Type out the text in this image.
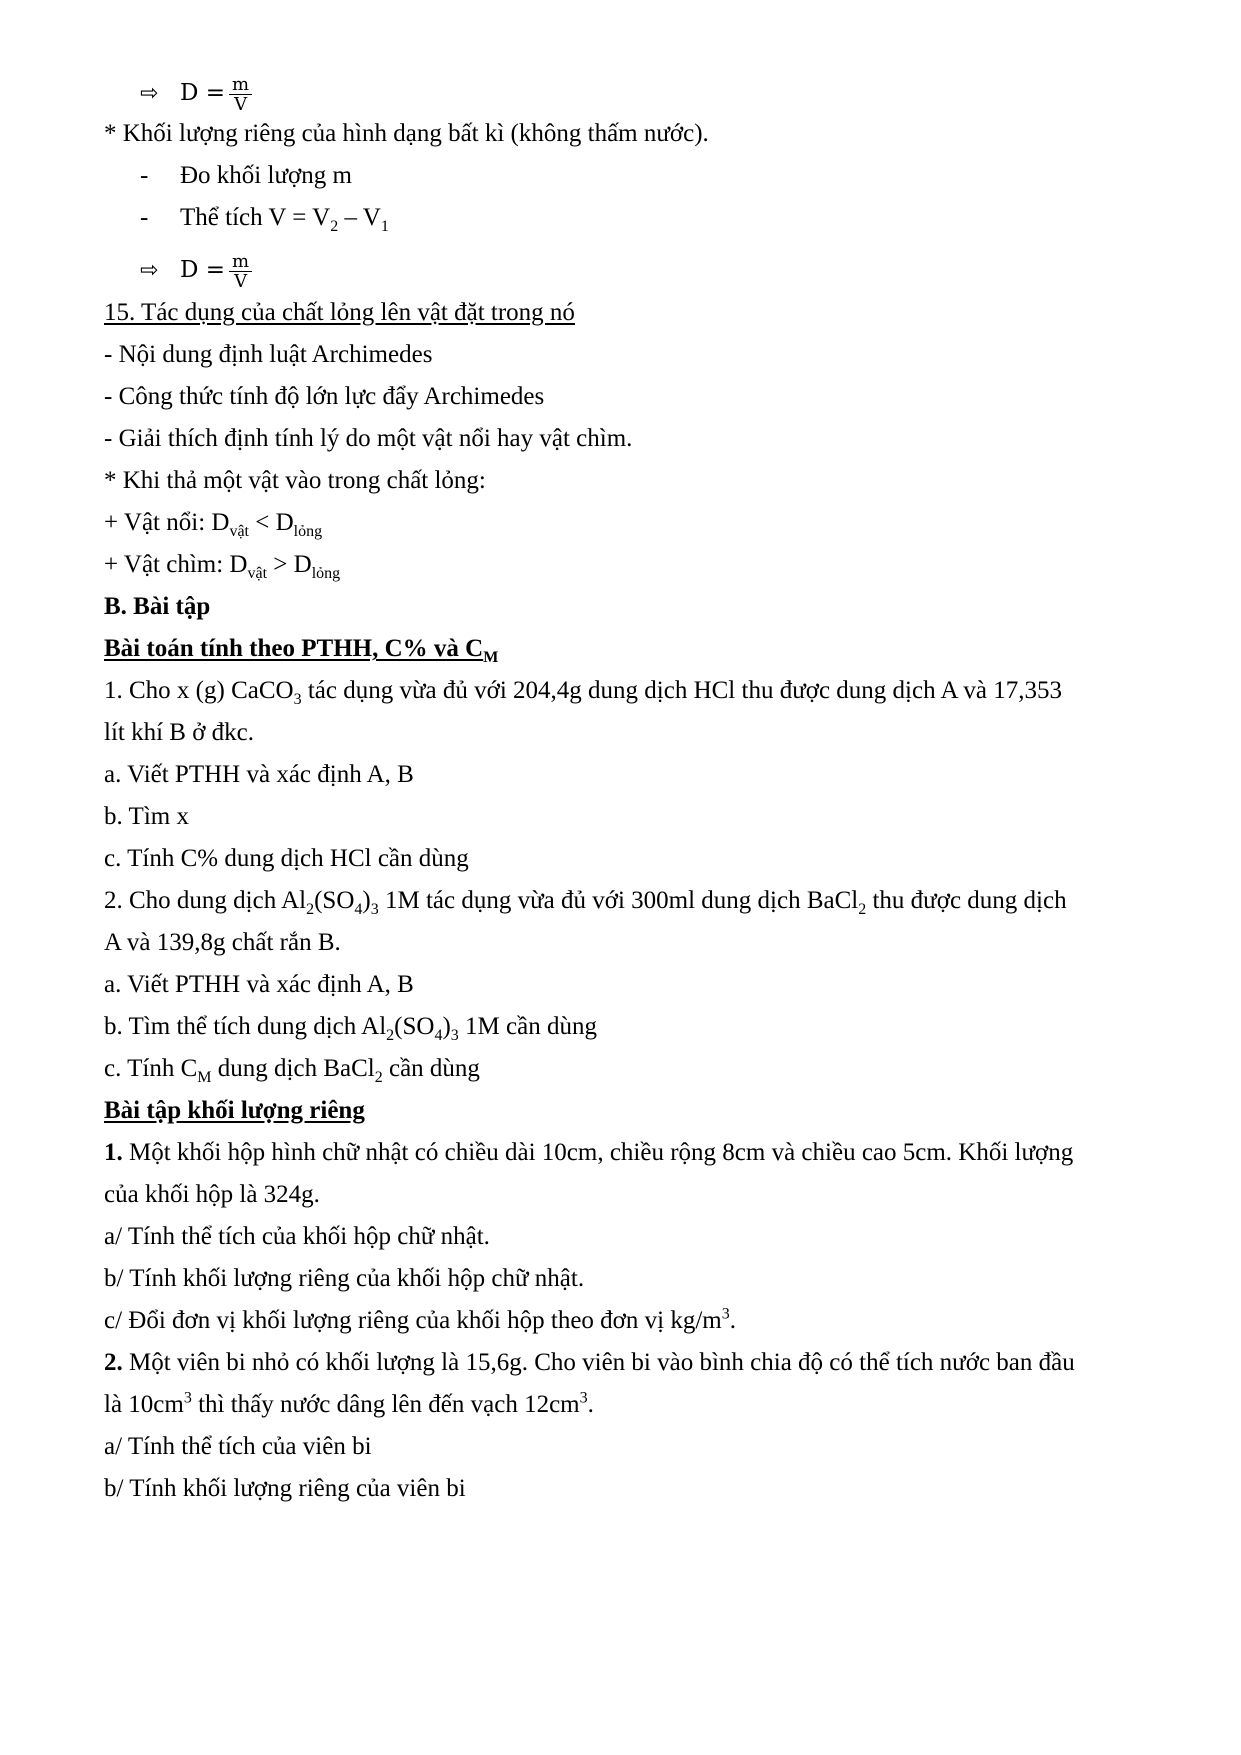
⇨ $D = \frac{m}{V}$
* Khối lượng riêng của hình dạng bất kì (không thấm nước).
- Đo khối lượng m
- Thể tích $V = V_2 - V_1$
⇨ $D = \frac{m}{V}$
15. Tác dụng của chất lỏng lên vật đặt trong nó
- Nội dung định luật Archimedes
- Công thức tính độ lớn lực đẩy Archimedes
- Giải thích định tính lý do một vật nổi hay vật chìm.
* Khi thả một vật vào trong chất lỏng:
+ Vật nổi: $D_{vật} < D_{lỏng}$
+ Vật chìm: $D_{vật} > D_{lỏng}$
B. Bài tập
Bài toán tính theo PTHH, C% và $C_M$
1. Cho x (g) CaCO$_3$ tác dụng vừa đủ với 204,4g dung dịch HCl thu được dung dịch A và 17,353
lít khí B ở đkc.
a. Viết PTHH và xác định A, B
b. Tìm x
c. Tính C% dung dịch HCl cần dùng
2. Cho dung dịch $Al_2(SO_4)_3$ 1M tác dụng vừa đủ với 300ml dung dịch BaCl$_2$ thu được dung dịch
A và 139,8g chất rắn B.
a. Viết PTHH và xác định A, B
b. Tìm thể tích dung dịch $Al_2(SO_4)_3$ 1M cần dùng
c. Tính $C_M$ dung dịch BaCl$_2$ cần dùng
Bài tập khối lượng riêng
1. Một khối hộp hình chữ nhật có chiều dài 10cm, chiều rộng 8cm và chiều cao 5cm. Khối lượng
của khối hộp là 324g.
a/ Tính thể tích của khối hộp chữ nhật.
b/ Tính khối lượng riêng của khối hộp chữ nhật.
c/ Đổi đơn vị khối lượng riêng của khối hộp theo đơn vị $kg/m^3$.
2. Một viên bi nhỏ có khối lượng là 15,6g. Cho viên bi vào bình chia độ có thể tích nước ban đầu
là $10cm^3$ thì thấy nước dâng lên đến vạch $12cm^3$.
a/ Tính thể tích của viên bi
b/ Tính khối lượng riêng của viên bi
